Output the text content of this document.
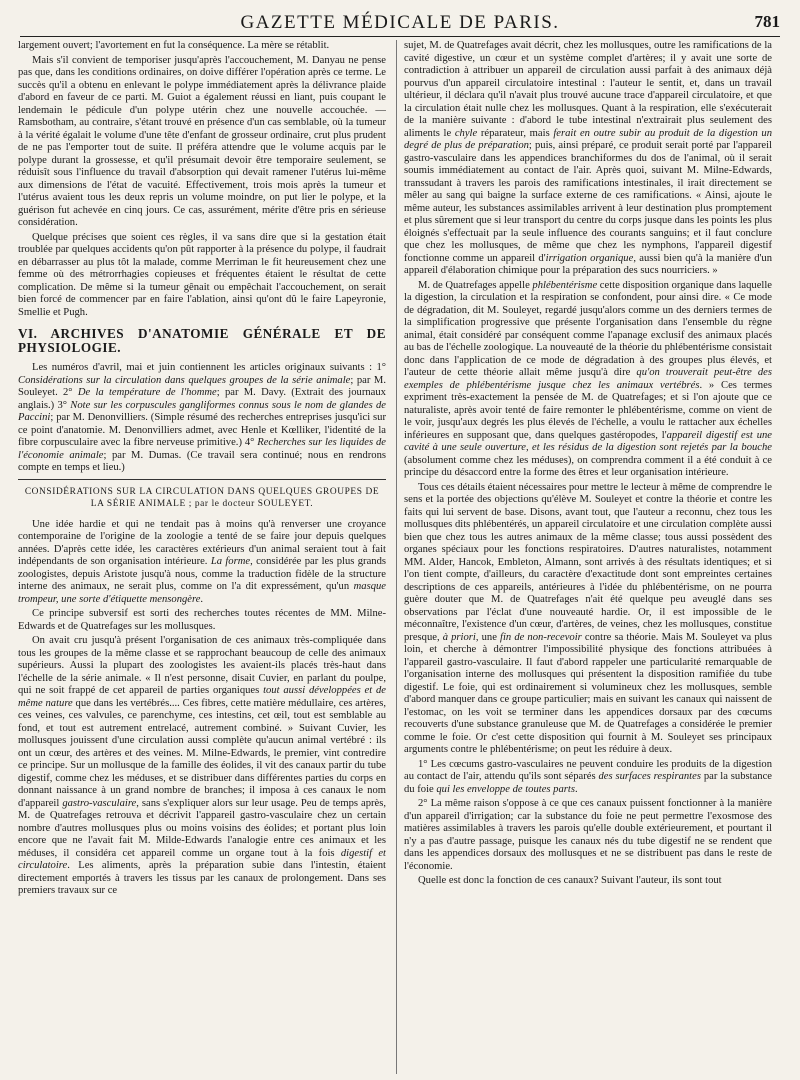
GAZETTE MÉDICALE DE PARIS.	781

largement ouvert; l'avortement en fut la conséquence. La mère se rétablit.

Mais s'il convient de temporiser jusqu'après l'accouchement, M. Danyau ne pense pas que, dans les conditions ordinaires, on doive différer l'opération après ce terme. Le succès qu'il a obtenu en enlevant le polype immédiatement après la délivrance plaide d'abord en faveur de ce parti. M. Guiot a également réussi en liant, puis coupant le lendemain le pédicule d'un polype utérin chez une nouvelle accouchée. — Ramsbotham, au contraire, s'étant trouvé en présence d'un cas semblable, où la tumeur à la vérité égalait le volume d'une tête d'enfant de grosseur ordinaire, crut plus prudent de ne pas l'emporter tout de suite. Il préféra attendre que le volume acquis par le polype durant la grossesse, et qu'il présumait devoir être temporaire seulement, se réduisît sous l'influence du travail d'absorption qui devait ramener l'utérus lui-même aux dimensions de l'état de vacuité. Effectivement, trois mois après la tumeur et l'utérus avaient tous les deux repris un volume moindre, on put lier le polype, et la guérison fut achevée en cinq jours. Ce cas, assurément, mérite d'être pris en sérieuse considération.

Quelque précises que soient ces règles, il va sans dire que si la gestation était troublée par quelques accidents qu'on pût rapporter à la présence du polype, il faudrait en débarrasser au plus tôt la malade, comme Merriman le fit heureusement chez une femme où des métrorrhagies copieuses et fréquentes étaient le résultat de cette complication. De même si la tumeur gênait ou empêchait l'accouchement, on serait bien forcé de commencer par en faire l'ablation, ainsi qu'ont dû le faire Lapeyronie, Smellie et Pugh.

VI. ARCHIVES D'ANATOMIE GÉNÉRALE ET DE PHYSIOLOGIE.

Les numéros d'avril, mai et juin contiennent les articles originaux suivants : 1° Considérations sur la circulation dans quelques groupes de la série animale; par M. Souleyet. 2° De la température de l'homme; par M. Davy. (Extrait des journaux anglais.) 3° Note sur les corpuscules gangliformes connus sous le nom de glandes de Paccini; par M. Denonvilliers. (Simple résumé des recherches entreprises jusqu'ici sur ce point d'anatomie. M. Denonvilliers admet, avec Henle et Kœlliker, l'identité de la fibre corpusculaire avec la fibre nerveuse primitive.) 4° Recherches sur les liquides de l'économie animale; par M. Dumas. (Ce travail sera continué; nous en rendrons compte en temps et lieu.)

CONSIDÉRATIONS SUR LA CIRCULATION DANS QUELQUES GROUPES DE LA SÉRIE ANIMALE ; par le docteur SOULEYET.

Une idée hardie et qui ne tendait pas à moins qu'à renverser une croyance contemporaine de l'origine de la zoologie a tenté de se faire jour depuis quelques années. D'après cette idée, les caractères extérieurs d'un animal seraient tout à fait indépendants de son organisation intérieure. La forme, considérée par les plus grands zoologistes, depuis Aristote jusqu'à nous, comme la traduction fidèle de la structure interne des animaux, ne serait plus, comme on l'a dit expressément, qu'un masque trompeur, une sorte d'étiquette mensongère.

Ce principe subversif est sorti des recherches toutes récentes de MM. Milne-Edwards et de Quatrefages sur les mollusques.

On avait cru jusqu'à présent l'organisation de ces animaux très-compliquée dans tous les groupes de la même classe et se rapprochant beaucoup de celle des animaux supérieurs. Aussi la plupart des zoologistes les avaient-ils placés très-haut dans l'échelle de la série animale. « Il n'est personne, disait Cuvier, en parlant du poulpe, qui ne soit frappé de cet appareil de parties organiques tout aussi développées et de même nature que dans les vertébrés.... Ces fibres, cette matière médullaire, ces artères, ces veines, ces valvules, ce parenchyme, ces intestins, cet œil, tout est semblable au fond, et tout est autrement entrelacé, autrement combiné. » Suivant Cuvier, les mollusques jouissent d'une circulation aussi complète qu'aucun animal vertébré : ils ont un cœur, des artères et des veines. M. Milne-Edwards, le premier, vint contredire ce principe. Sur un mollusque de la famille des éolides, il vit des canaux partir du tube digestif, comme chez les méduses, et se distribuer dans différentes parties du corps en donnant naissance à un grand nombre de branches; il imposa à ces canaux le nom d'appareil gastro-vasculaire, sans s'expliquer alors sur leur usage. Peu de temps après, M. de Quatrefages retrouva et décrivit l'appareil gastro-vasculaire chez un certain nombre d'autres mollusques plus ou moins voisins des éolides; et portant plus loin encore que ne l'avait fait M. Milde-Edwards l'analogie entre ces animaux et les méduses, il considéra cet appareil comme un organe tout à la fois digestif et circulatoire. Les aliments, après la préparation subie dans l'intestin, étaient directement emportés à travers les tissus par les canaux de prolongement. Dans ses premiers travaux sur ce

sujet, M. de Quatrefages avait décrit, chez les mollusques, outre les ramifications de la cavité digestive, un cœur et un système complet d'artères; il y avait une sorte de contradiction à attribuer un appareil de circulation aussi parfait à des animaux déjà pourvus d'un appareil circulatoire intestinal : l'auteur le sentit, et, dans un travail ultérieur, il déclara qu'il n'avait plus trouvé aucune trace d'appareil circulatoire, et que la circulation était nulle chez les mollusques. Quant à la respiration, elle s'exécuterait de la manière suivante : d'abord le tube intestinal n'extrairait plus seulement des aliments le chyle réparateur, mais ferait en outre subir au produit de la digestion un degré de plus de préparation; puis, ainsi préparé, ce produit serait porté par l'appareil gastro-vasculaire dans les appendices branchiformes du dos de l'animal, où il serait soumis immédiatement au contact de l'air. Après quoi, suivant M. Milne-Edwards, transsudant à travers les parois des ramifications intestinales, il irait directement se mêler au sang qui baigne la surface externe de ces ramifications. « Ainsi, ajoute le même auteur, les substances assimilables arrivent à leur destination plus promptement et plus sûrement que si leur transport du centre du corps jusque dans les points les plus éloignés s'effectuait par la seule influence des courants sanguins; et il faut conclure que chez les mollusques, de même que chez les nymphons, l'appareil digestif fonctionne comme un appareil d'irrigation organique, aussi bien qu'à la manière d'un appareil d'élaboration chimique pour la préparation des sucs nourriciers. »

M. de Quatrefages appelle phlébentérisme cette disposition organique dans laquelle la digestion, la circulation et la respiration se confondent, pour ainsi dire. « Ce mode de dégradation, dit M. Souleyet, regardé jusqu'alors comme un des derniers termes de la simplification progressive que présente l'organisation dans l'ensemble du règne animal, était considéré par conséquent comme l'apanage exclusif des animaux placés au bas de l'échelle zoologique. La nouveauté de la théorie du phlébentérisme consistait donc dans l'application de ce mode de dégradation à des groupes plus élevés, et l'auteur de cette théorie allait même jusqu'à dire qu'on trouverait peut-être des exemples de phlébentérisme jusque chez les animaux vertébrés. » Ces termes expriment très-exactement la pensée de M. de Quatrefages; et si l'on ajoute que ce naturaliste, après avoir tenté de faire remonter le phlébentérisme, comme on vient de le voir, jusqu'aux degrés les plus élevés de l'échelle, a voulu le rattacher aux échelles inférieures en supposant que, dans quelques gastéropodes, l'appareil digestif est une cavité à une seule ouverture, et les résidus de la digestion sont rejetés par la bouche (absolument comme chez les méduses), on comprendra comment il a été conduit à ce principe du désaccord entre la forme des êtres et leur organisation intérieure.

Tous ces détails étaient nécessaires pour mettre le lecteur à même de comprendre le sens et la portée des objections qu'élève M. Souleyet et contre la théorie et contre les faits qui lui servent de base. Disons, avant tout, que l'auteur a reconnu, chez tous les mollusques dits phlébentérés, un appareil circulatoire et une circulation complète aussi bien que chez tous les autres animaux de la même classe; tous aussi possèdent des organes spéciaux pour les fonctions respiratoires. D'autres naturalistes, notamment MM. Alder, Hancok, Embleton, Almann, sont arrivés à des résultats identiques; et si l'on tient compte, d'ailleurs, du caractère d'exactitude dont sont empreintes certaines descriptions de ces appareils, antérieures à l'idée du phlébentérisme, on ne pourra guère douter que M. de Quatrefages n'ait été quelque peu aveuglé dans ses observations par l'éclat d'une nouveauté hardie. Or, il est impossible de le méconnaître, l'existence d'un cœur, d'artères, de veines, chez les mollusques, constitue presque, à priori, une fin de non-recevoir contre sa théorie. Mais M. Souleyet va plus loin, et cherche à démontrer l'impossibilité physique des fonctions attribuées à l'appareil gastro-vasculaire. Il faut d'abord rappeler une particularité remarquable de l'organisation interne des mollusques qui présentent la disposition ramifiée du tube digestif. Le foie, qui est ordinairement si volumineux chez les mollusques, semble d'abord manquer dans ce groupe particulier; mais en suivant les canaux qui naissent de l'estomac, on les voit se terminer dans les appendices dorsaux par des cœcums recouverts d'une substance granuleuse que M. de Quatrefages a considérée le premier comme le foie. Or c'est cette disposition qui fournit à M. Souleyet ses principaux arguments contre le phlébentérisme; on peut les réduire à deux.

1° Les cœcums gastro-vasculaires ne peuvent conduire les produits de la digestion au contact de l'air, attendu qu'ils sont séparés des surfaces respirantes par la substance du foie qui les enveloppe de toutes parts.

2° La même raison s'oppose à ce que ces canaux puissent fonctionner à la manière d'un appareil d'irrigation; car la substance du foie ne peut permettre l'exosmose des matières assimilables à travers les parois qu'elle double extérieurement, et pourtant il n'y a pas d'autre passage, puisque les canaux nés du tube digestif ne se rendent que dans les appendices dorsaux des mollusques et ne se distribuent pas dans le reste de l'économie.

Quelle est donc la fonction de ces canaux? Suivant l'auteur, ils sont tout
